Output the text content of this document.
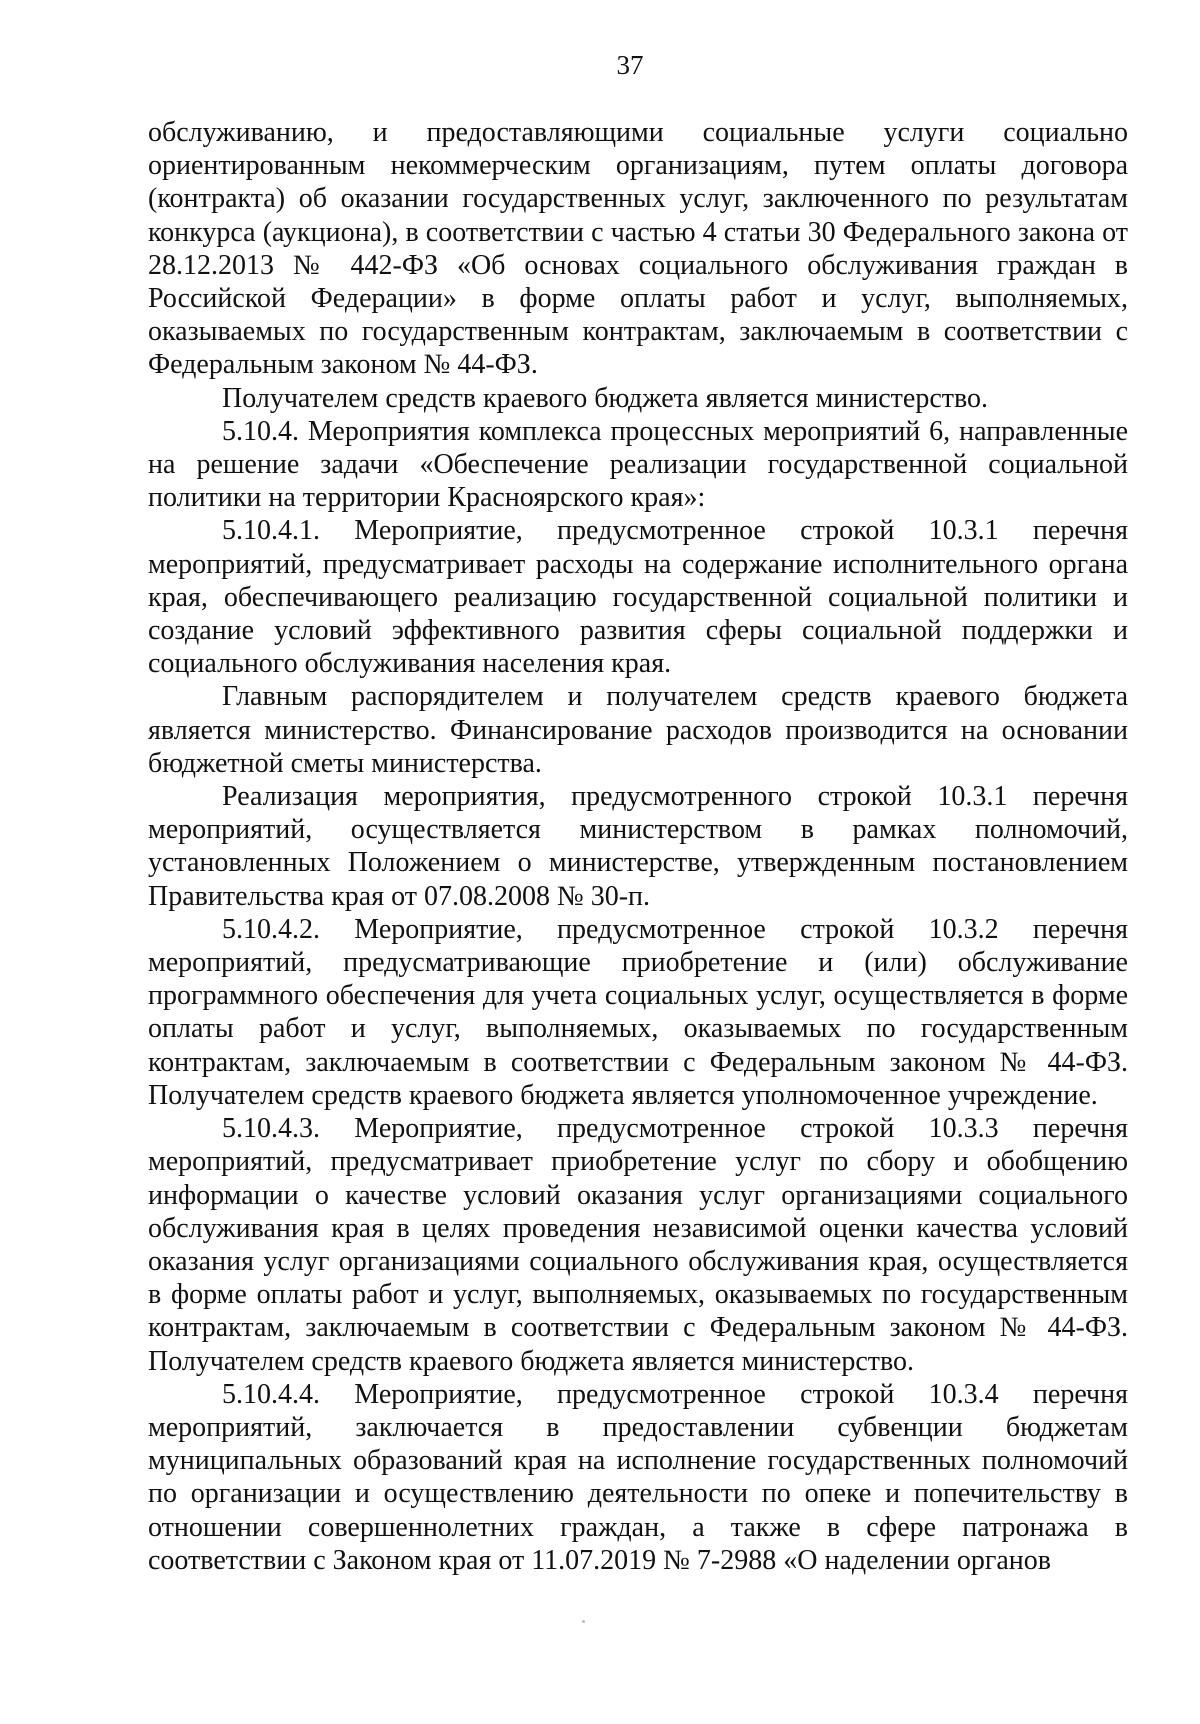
37

обслуживанию, и предоставляющими социальные услуги социально ориентированным некоммерческим организациям, путем оплаты договора (контракта) об оказании государственных услуг, заключенного по результатам конкурса (аукциона), в соответствии с частью 4 статьи 30 Федерального закона от 28.12.2013 № 442-ФЗ «Об основах социального обслуживания граждан в Российской Федерации» в форме оплаты работ и услуг, выполняемых, оказываемых по государственным контрактам, заключаемым в соответствии с Федеральным законом № 44-ФЗ.

Получателем средств краевого бюджета является министерство.

5.10.4. Мероприятия комплекса процессных мероприятий 6, направленные на решение задачи «Обеспечение реализации государственной социальной политики на территории Красноярского края»:

5.10.4.1. Мероприятие, предусмотренное строкой 10.3.1 перечня мероприятий, предусматривает расходы на содержание исполнительного органа края, обеспечивающего реализацию государственной социальной политики и создание условий эффективного развития сферы социальной поддержки и социального обслуживания населения края.

Главным распорядителем и получателем средств краевого бюджета является министерство. Финансирование расходов производится на основании бюджетной сметы министерства.

Реализация мероприятия, предусмотренного строкой 10.3.1 перечня мероприятий, осуществляется министерством в рамках полномочий, установленных Положением о министерстве, утвержденным постановлением Правительства края от 07.08.2008 № 30-п.

5.10.4.2. Мероприятие, предусмотренное строкой 10.3.2 перечня мероприятий, предусматривающие приобретение и (или) обслуживание программного обеспечения для учета социальных услуг, осуществляется в форме оплаты работ и услуг, выполняемых, оказываемых по государственным контрактам, заключаемым в соответствии с Федеральным законом № 44-ФЗ. Получателем средств краевого бюджета является уполномоченное учреждение.

5.10.4.3. Мероприятие, предусмотренное строкой 10.3.3 перечня мероприятий, предусматривает приобретение услуг по сбору и обобщению информации о качестве условий оказания услуг организациями социального обслуживания края в целях проведения независимой оценки качества условий оказания услуг организациями социального обслуживания края, осуществляется в форме оплаты работ и услуг, выполняемых, оказываемых по государственным контрактам, заключаемым в соответствии с Федеральным законом № 44-ФЗ. Получателем средств краевого бюджета является министерство.

5.10.4.4. Мероприятие, предусмотренное строкой 10.3.4 перечня мероприятий, заключается в предоставлении субвенции бюджетам муниципальных образований края на исполнение государственных полномочий по организации и осуществлению деятельности по опеке и попечительству в отношении совершеннолетних граждан, а также в сфере патронажа в соответствии с Законом края от 11.07.2019 № 7-2988 «О наделении органов
